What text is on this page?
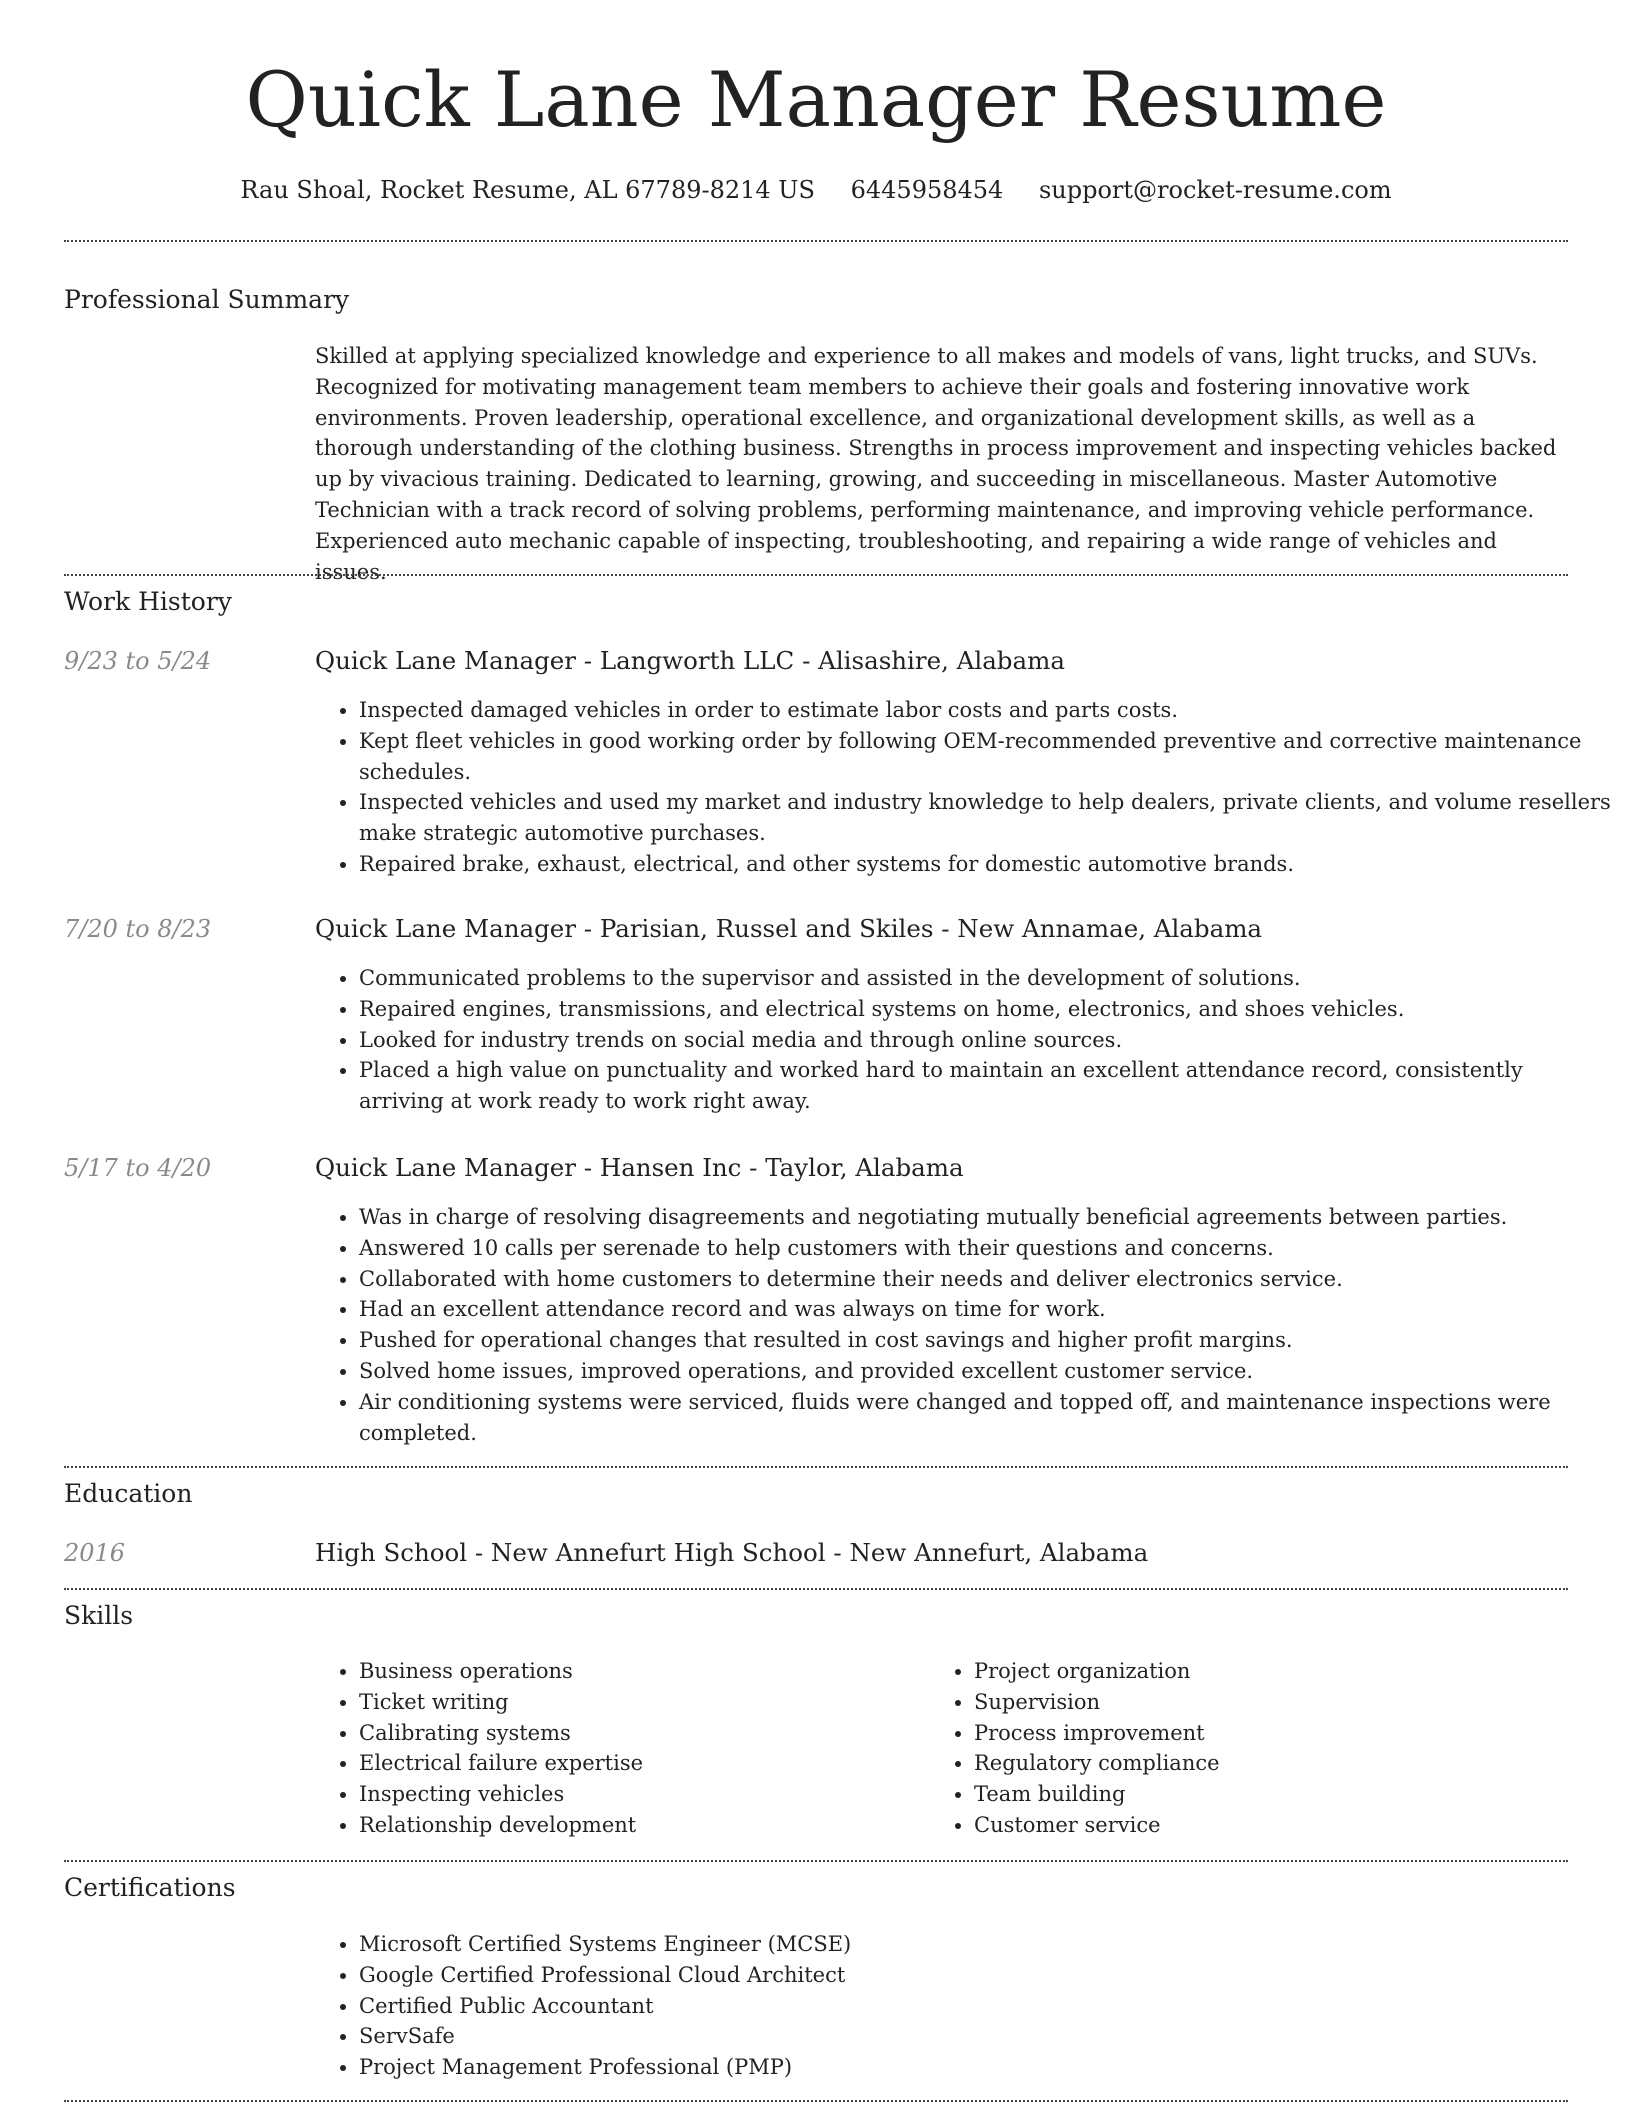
Quick Lane Manager Resume
Rau Shoal, Rocket Resume, AL 67789-8214 US 6445958454 support@rocket-resume.com
Professional Summary

Skilled at applying specialized knowledge and experience to all makes and models of vans, light trucks, and SUVs. Recognized for motivating management team members to achieve their goals and fostering innovative work environments. Proven leadership, operational excellence, and organizational development skills, as well as a thorough understanding of the clothing business. Strengths in process improvement and inspecting vehicles backed up by vivacious training. Dedicated to learning, growing, and succeeding in miscellaneous. Master Automotive Technician with a track record of solving problems, performing maintenance, and improving vehicle performance. Experienced auto mechanic capable of inspecting, troubleshooting, and repairing a wide range of vehicles and issues.

Work History
9/23 to 5/24	Quick Lane Manager - Langworth LLC - Alisashire, Alabama
• Inspected damaged vehicles in order to estimate labor costs and parts costs.
• Kept fleet vehicles in good working order by following OEM-recommended preventive and corrective maintenance schedules.
• Inspected vehicles and used my market and industry knowledge to help dealers, private clients, and volume resellers make strategic automotive purchases.
• Repaired brake, exhaust, electrical, and other systems for domestic automotive brands.
7/20 to 8/23	Quick Lane Manager - Parisian, Russel and Skiles - New Annamae, Alabama
• Communicated problems to the supervisor and assisted in the development of solutions.
• Repaired engines, transmissions, and electrical systems on home, electronics, and shoes vehicles.
• Looked for industry trends on social media and through online sources.
• Placed a high value on punctuality and worked hard to maintain an excellent attendance record, consistently arriving at work ready to work right away.
5/17 to 4/20	Quick Lane Manager - Hansen Inc - Taylor, Alabama
• Was in charge of resolving disagreements and negotiating mutually beneficial agreements between parties.
• Answered 10 calls per serenade to help customers with their questions and concerns.
• Collaborated with home customers to determine their needs and deliver electronics service.
• Had an excellent attendance record and was always on time for work.
• Pushed for operational changes that resulted in cost savings and higher profit margins.
• Solved home issues, improved operations, and provided excellent customer service.
• Air conditioning systems were serviced, fluids were changed and topped off, and maintenance inspections were completed.
Education
2016	High School - New Annefurt High School - New Annefurt, Alabama
Skills
• Business operations
• Ticket writing
• Calibrating systems
• Electrical failure expertise
• Inspecting vehicles
• Relationship development
• Project organization
• Supervision
• Process improvement
• Regulatory compliance
• Team building
• Customer service
Certifications
• Microsoft Certified Systems Engineer (MCSE)
• Google Certified Professional Cloud Architect
• Certified Public Accountant
• ServSafe
• Project Management Professional (PMP)
